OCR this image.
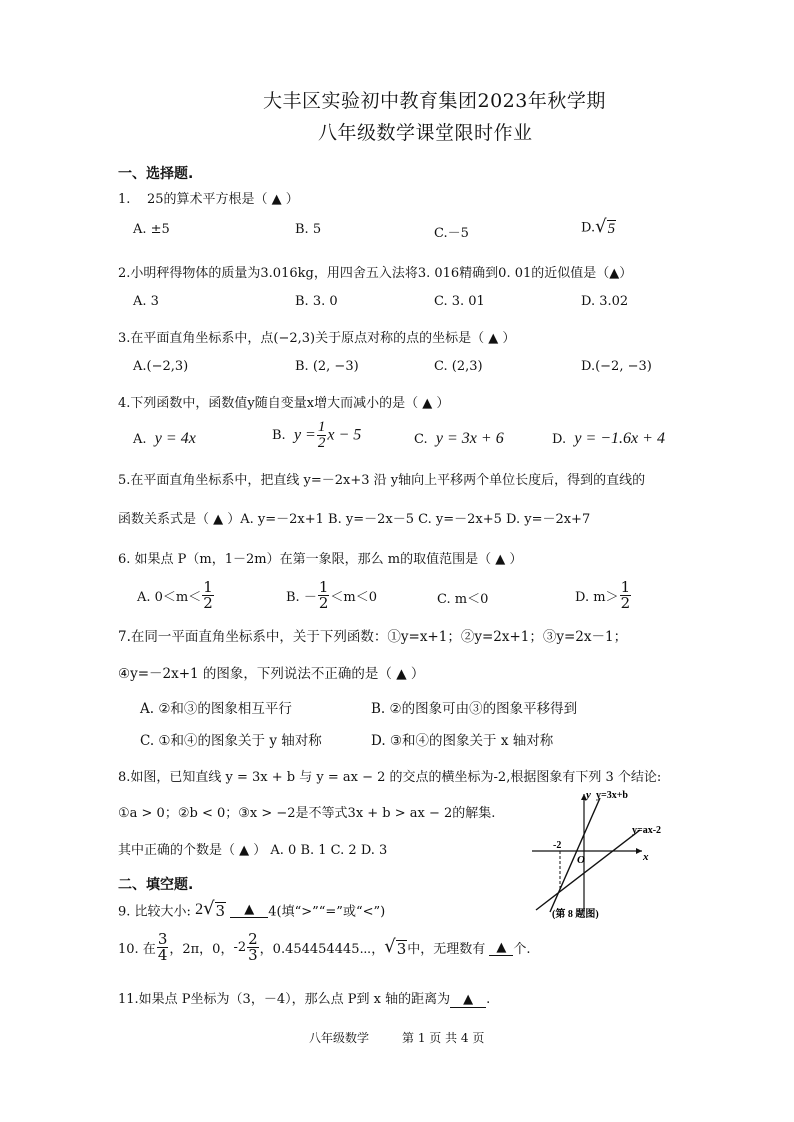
大丰区实验初中教育集团2023年秋学期
八年级数学课堂限时作业
一、选择题.
1. 25的算术平方根是（ ▲ ）
A. ±5	B. 5	C.－5	D. √ 5
2.小明秤得物体的质量为3.016kg，用四舍五入法将3. 016精确到0. 01的近似值是（▲）
A. 3	B. 3. 0	C. 3. 01	D. 3.02
3.在平面直角坐标系中，点(−2,3)关于原点对称的点的坐标是（ ▲ ）
A.(−2,3)	B. (2, −3)	C. (2,3)	D.(−2, −3)
4.下列函数中，函数值y随自变量x增大而减小的是（ ▲ ）
A. y = 4x	B. $y = \frac{1}{2}$ x − 5	C. y = 3x + 6	D. y = −1.6x + 4
5.在平面直角坐标系中，把直线 y=－2x+3 沿 y轴向上平移两个单位长度后，得到的直线的
函数关系式是（ ▲ ）A. y=－2x+1 B. y=－2x－5 C. y=－2x+5 D. y=－2x+7
6. 如果点 P（m，1－2m）在第一象限，那么 m的取值范围是（ ▲ ）
A. $0<m< \frac{1}{2}$	B. － $\frac{1}{2} <m<0$	C. m＜0	D. $m> \frac{1}{2}$
7.在同一平面直角坐标系中，关于下列函数：①y=x+1；②y=2x+1；③y=2x－1；
④y=－2x+1 的图象，下列说法不正确的是（ ▲ ）
A. ②和③的图象相互平行	B. ②的图象可由③的图象平移得到
C. ①和④的图象关于 y 轴对称	D. ③和④的图象关于 x 轴对称
8.如图，已知直线 y = 3x + b 与 y = ax − 2 的交点的横坐标为-2,根据图象有下列 3 个结论:
①a > 0；②b < 0；③x > −2是不等式3x + b > ax − 2的解集.
其中正确的个数是（ ▲ ） A. 0 B. 1 C. 2 D. 3
y y=3x+b
y=ax-2
x
O
-2
(第 8 题图)
二、填空题.
9. 比较大小: 2 √ 3 ▲ 4(填“>”“=”或“<”)
10. 在 $\frac{3}{4}$ ，2π，0，$-2 \frac{2}{3}$ ，0.454454445⋯， √ 3 中，无理数有 ▲ 个.
11.如果点 P坐标为（3，－4），那么点 P到 x 轴的距离为 ▲ .
八年级数学	第 1 页 共 4 页
